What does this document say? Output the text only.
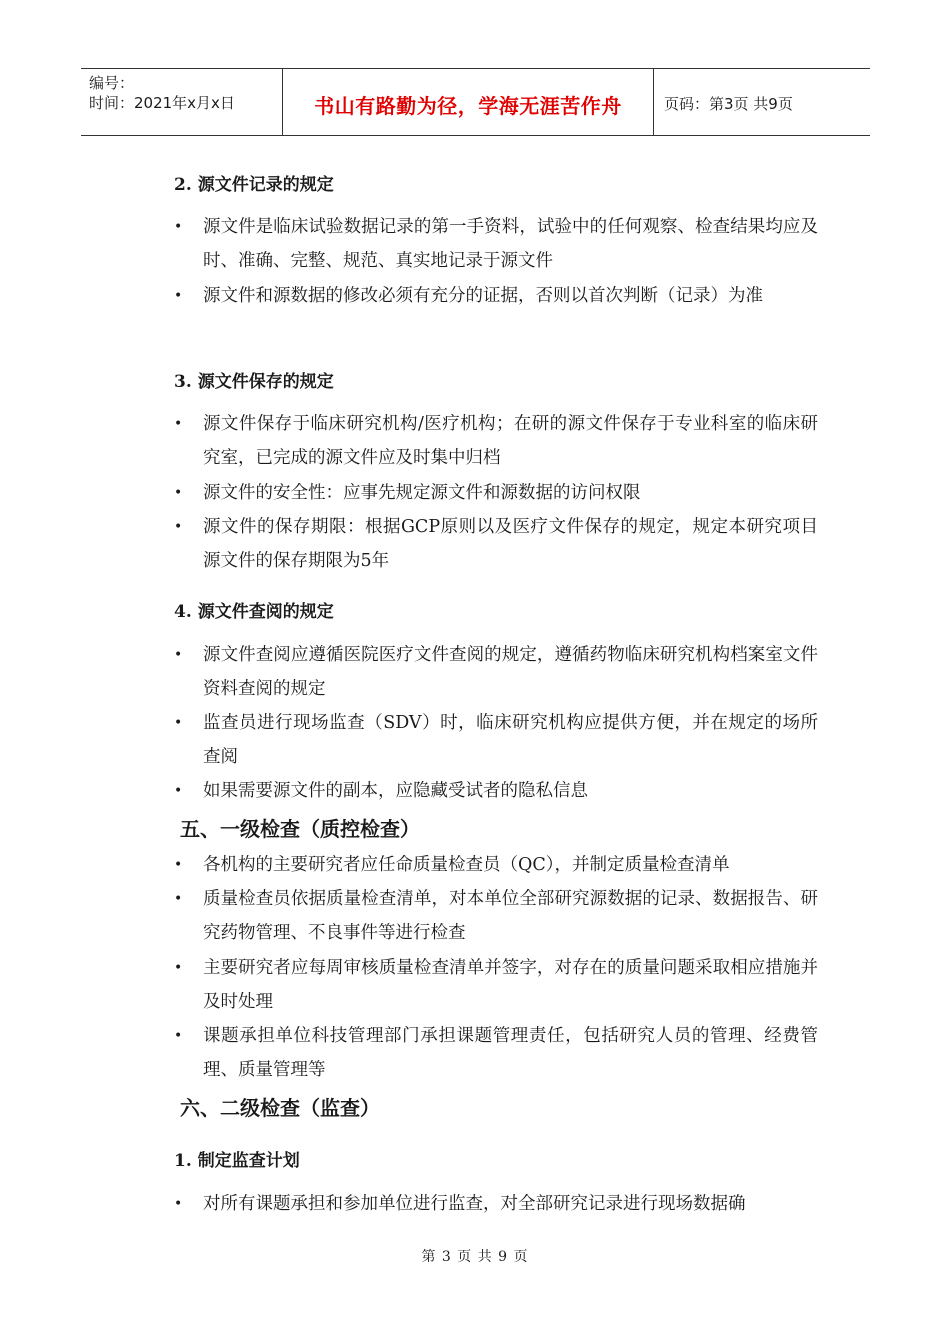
编号：
时间：2021年x月x日	书山有路勤为径，学海无涯苦作舟	页码：第3页 共9页
2. 源文件记录的规定
• 源文件是临床试验数据记录的第一手资料，试验中的任何观察、检查结果均应及时、准确、完整、规范、真实地记录于源文件
• 源文件和源数据的修改必须有充分的证据，否则以首次判断（记录）为准
3. 源文件保存的规定
• 源文件保存于临床研究机构/医疗机构；在研的源文件保存于专业科室的临床研究室，已完成的源文件应及时集中归档
• 源文件的安全性：应事先规定源文件和源数据的访问权限
• 源文件的保存期限：根据GCP原则以及医疗文件保存的规定，规定本研究项目源文件的保存期限为5年
4. 源文件查阅的规定
• 源文件查阅应遵循医院医疗文件查阅的规定，遵循药物临床研究机构档案室文件资料查阅的规定
• 监查员进行现场监查（SDV）时，临床研究机构应提供方便，并在规定的场所查阅
• 如果需要源文件的副本，应隐藏受试者的隐私信息
五、一级检查（质控检查）
• 各机构的主要研究者应任命质量检查员（QC），并制定质量检查清单
• 质量检查员依据质量检查清单，对本单位全部研究源数据的记录、数据报告、研究药物管理、不良事件等进行检查
• 主要研究者应每周审核质量检查清单并签字，对存在的质量问题采取相应措施并及时处理
• 课题承担单位科技管理部门承担课题管理责任，包括研究人员的管理、经费管理、质量管理等
六、二级检查（监查）
1. 制定监查计划
• 对所有课题承担和参加单位进行监查，对全部研究记录进行现场数据确
第 3 页 共 9 页
